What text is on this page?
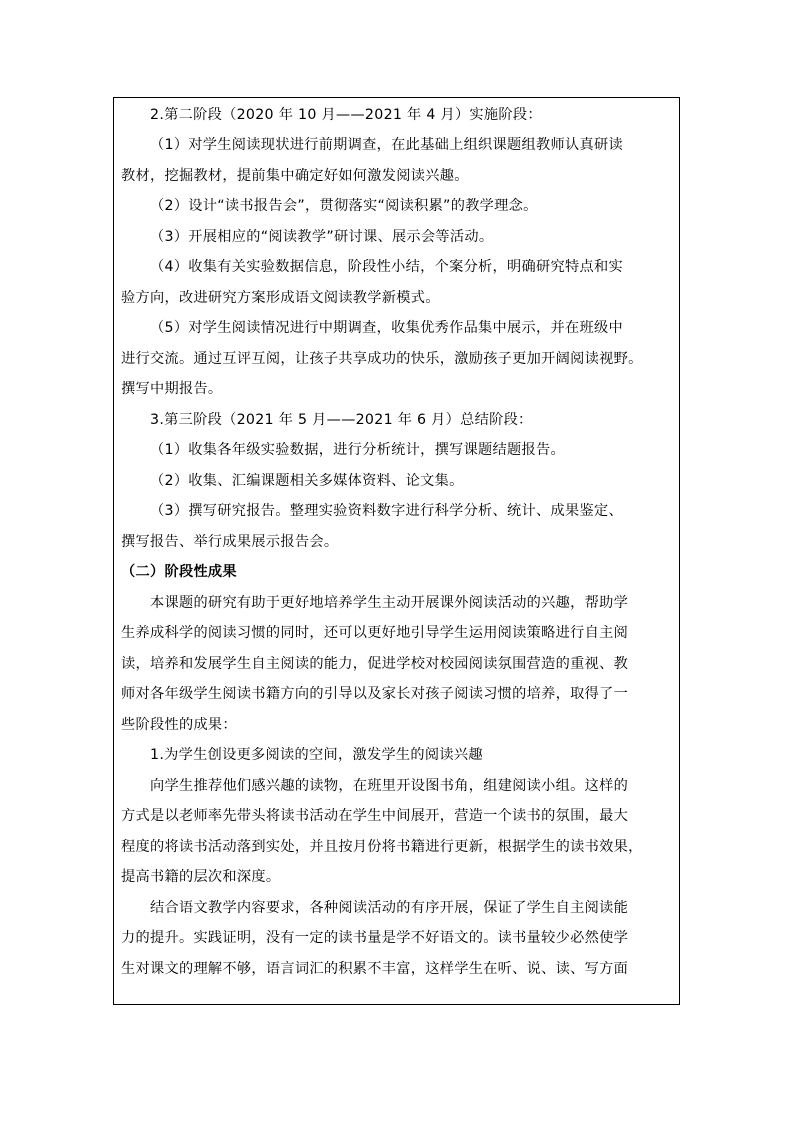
2.第二阶段（2020 年 10 月——2021 年 4 月）实施阶段：

（1）对学生阅读现状进行前期调查，在此基础上组织课题组教师认真研读

教材，挖掘教材，提前集中确定好如何激发阅读兴趣。

（2）设计“读书报告会”，贯彻落实“阅读积累”的教学理念。

（3）开展相应的“阅读教学”研讨课、展示会等活动。

（4）收集有关实验数据信息，阶段性小结，个案分析，明确研究特点和实

验方向，改进研究方案形成语文阅读教学新模式。

（5）对学生阅读情况进行中期调查，收集优秀作品集中展示，并在班级中

进行交流。通过互评互阅，让孩子共享成功的快乐，激励孩子更加开阔阅读视野。

撰写中期报告。

3.第三阶段（2021 年 5 月——2021 年 6 月）总结阶段：

（1）收集各年级实验数据，进行分析统计，撰写课题结题报告。

（2）收集、汇编课题相关多媒体资料、论文集。

（3）撰写研究报告。整理实验资料数字进行科学分析、统计、成果鉴定、

撰写报告、举行成果展示报告会。

（二）阶段性成果

本课题的研究有助于更好地培养学生主动开展课外阅读活动的兴趣，帮助学

生养成科学的阅读习惯的同时，还可以更好地引导学生运用阅读策略进行自主阅

读，培养和发展学生自主阅读的能力，促进学校对校园阅读氛围营造的重视、教

师对各年级学生阅读书籍方向的引导以及家长对孩子阅读习惯的培养，取得了一

些阶段性的成果：

1.为学生创设更多阅读的空间，激发学生的阅读兴趣

向学生推荐他们感兴趣的读物，在班里开设图书角，组建阅读小组。这样的

方式是以老师率先带头将读书活动在学生中间展开，营造一个读书的氛围，最大

程度的将读书活动落到实处，并且按月份将书籍进行更新，根据学生的读书效果，

提高书籍的层次和深度。

结合语文教学内容要求，各种阅读活动的有序开展，保证了学生自主阅读能

力的提升。实践证明，没有一定的读书量是学不好语文的。读书量较少必然使学

生对课文的理解不够，语言词汇的积累不丰富，这样学生在听、说、读、写方面
